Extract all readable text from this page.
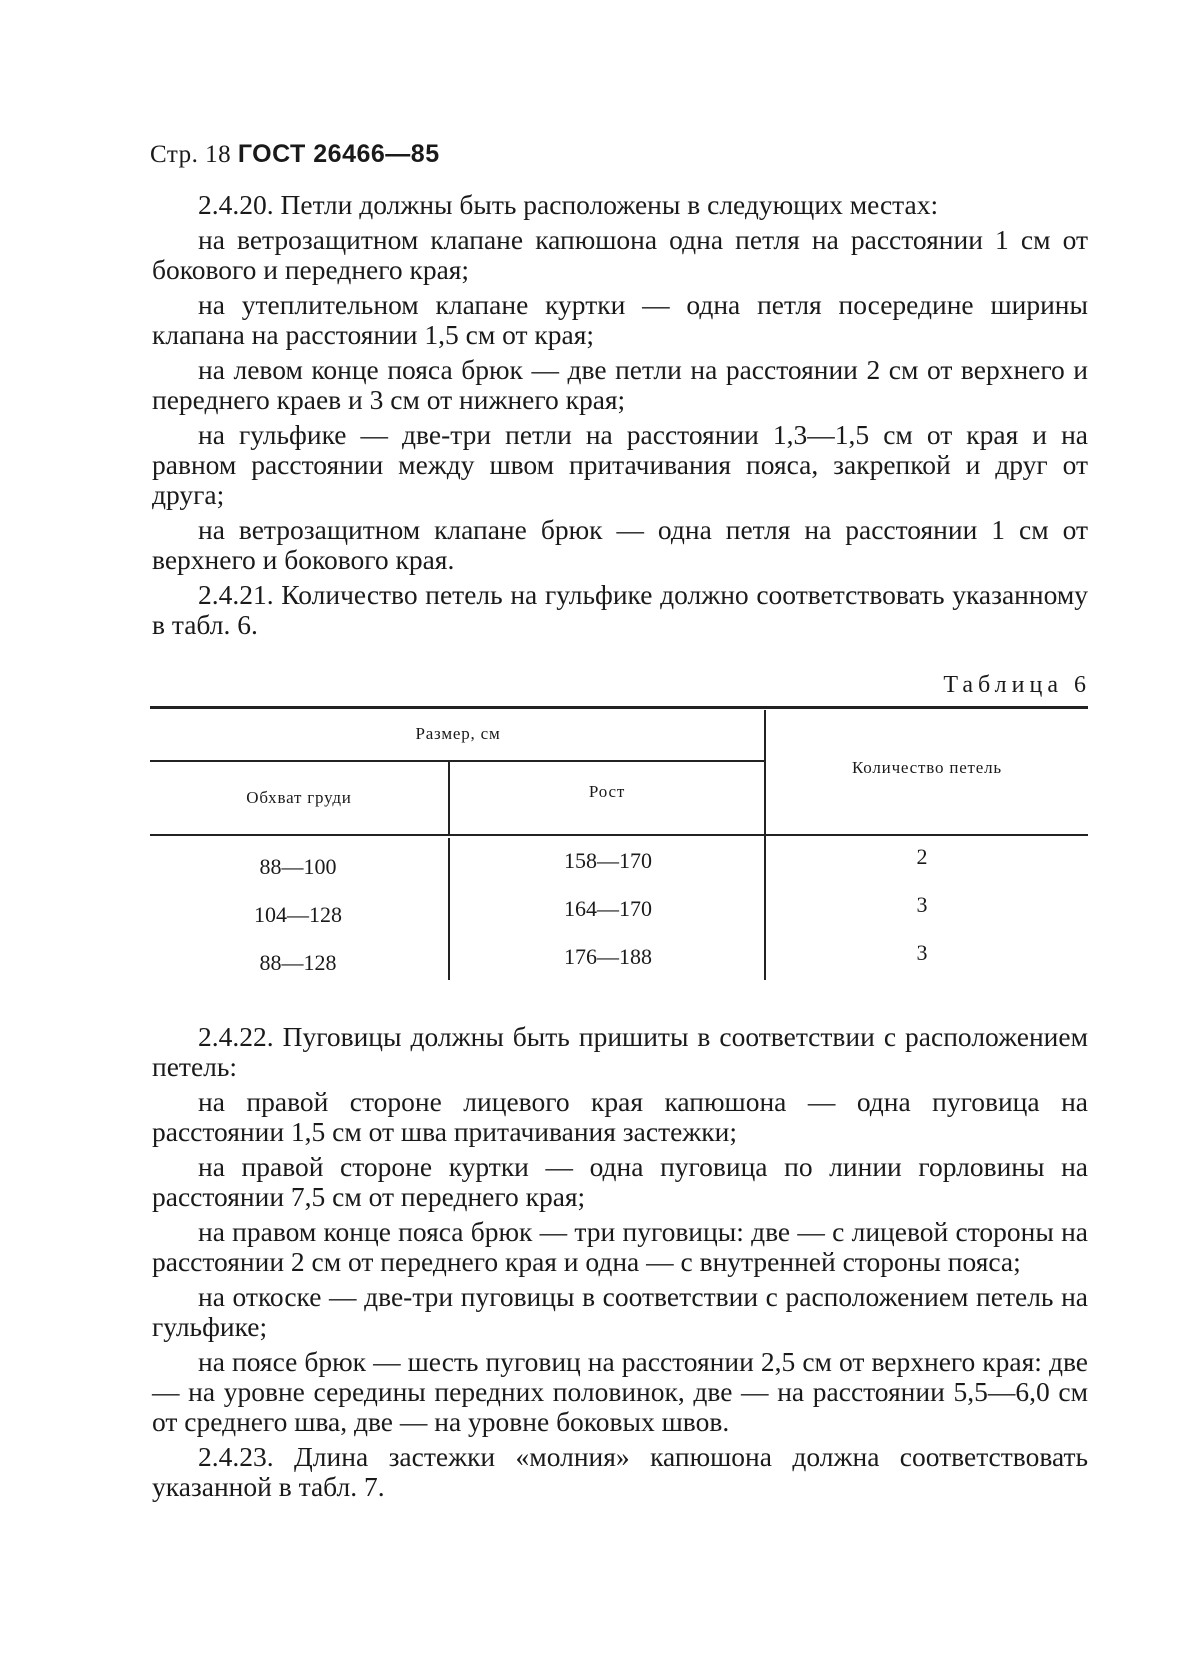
Стр. 18 ГОСТ 26466—85

2.4.20. Петли должны быть расположены в следующих местах:

на ветрозащитном клапане капюшона одна петля на расстоянии 1 см от бокового и переднего края;

на утеплительном клапане куртки — одна петля посередине ширины клапана на расстоянии 1,5 см от края;

на левом конце пояса брюк — две петли на расстоянии 2 см от верхнего и переднего краев и 3 см от нижнего края;

на гульфике — две-три петли на расстоянии 1,3—1,5 см от края и на равном расстоянии между швом притачивания пояса, закрепкой и друг от друга;

на ветрозащитном клапане брюк — одна петля на расстоянии 1 см от верхнего и бокового края.

2.4.21. Количество петель на гульфике должно соответствовать указанному в табл. 6.

Таблица 6
Размер, см
Обхват груди	Рост
Количество петель
88—100	158—170	2
104—128	164—170	3
88—128	176—188	3

2.4.22. Пуговицы должны быть пришиты в соответствии с расположением петель:

на правой стороне лицевого края капюшона — одна пуговица на расстоянии 1,5 см от шва притачивания застежки;

на правой стороне куртки — одна пуговица по линии горловины на расстоянии 7,5 см от переднего края;

на правом конце пояса брюк — три пуговицы: две — с лицевой стороны на расстоянии 2 см от переднего края и одна — с внутренней стороны пояса;

на откоске — две-три пуговицы в соответствии с расположением петель на гульфике;

на поясе брюк — шесть пуговиц на расстоянии 2,5 см от верхнего края: две — на уровне середины передних половинок, две — на расстоянии 5,5—6,0 см от среднего шва, две — на уровне боковых швов.

2.4.23. Длина застежки «молния» капюшона должна соответствовать указанной в табл. 7.
